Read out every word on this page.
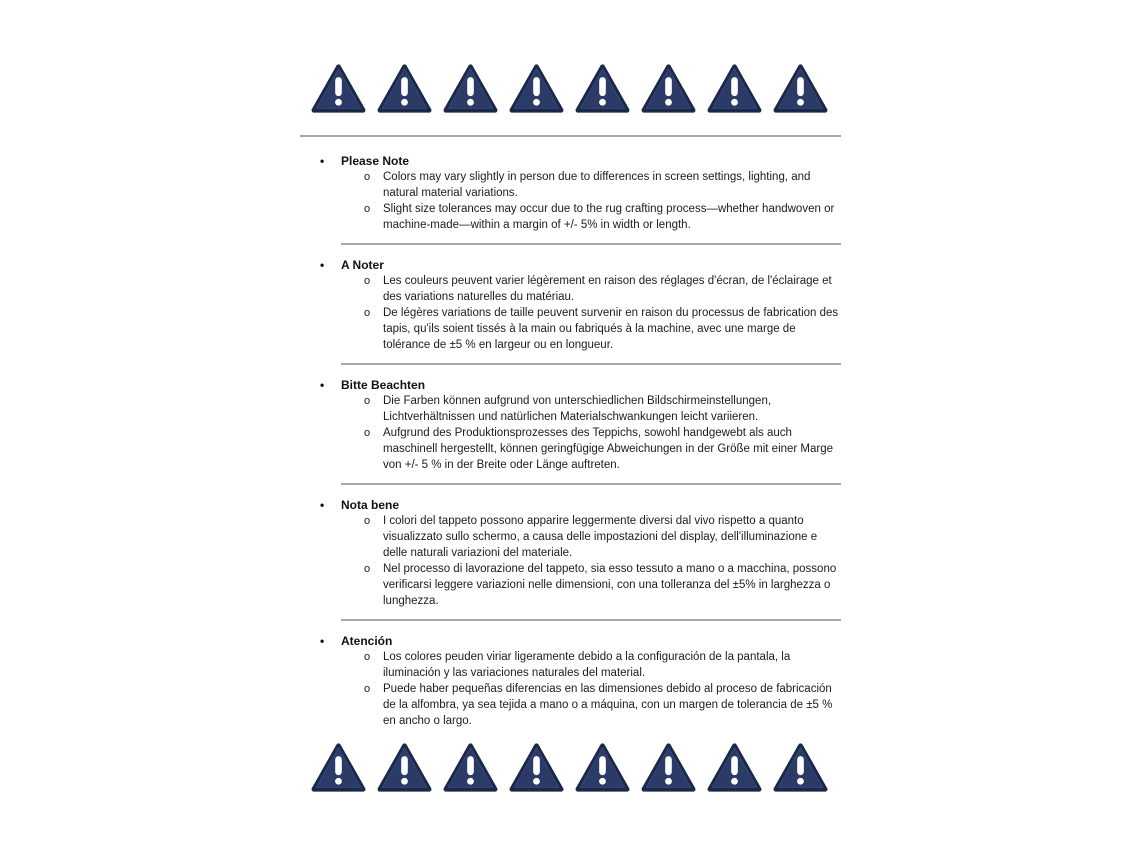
• Please Note
o Colors may vary slightly in person due to differences in screen settings, lighting, and natural material variations.
o Slight size tolerances may occur due to the rug crafting process—whether handwoven or machine-made—within a margin of +/- 5% in width or length.
• A Noter
o Les couleurs peuvent varier légèrement en raison des réglages d'écran, de l'éclairage et des variations naturelles du matériau.
o De légères variations de taille peuvent survenir en raison du processus de fabrication des tapis, qu'ils soient tissés à la main ou fabriqués à la machine, avec une marge de tolérance de ±5 % en largeur ou en longueur.
• Bitte Beachten
o Die Farben können aufgrund von unterschiedlichen Bildschirmeinstellungen, Lichtverhältnissen und natürlichen Materialschwankungen leicht variieren.
o Aufgrund des Produktionsprozesses des Teppichs, sowohl handgewebt als auch maschinell hergestellt, können geringfügige Abweichungen in der Größe mit einer Marge von +/- 5 % in der Breite oder Länge auftreten.
• Nota bene
o I colori del tappeto possono apparire leggermente diversi dal vivo rispetto a quanto visualizzato sullo schermo, a causa delle impostazioni del display, dell'illuminazione e delle naturali variazioni del materiale.
o Nel processo di lavorazione del tappeto, sia esso tessuto a mano o a macchina, possono verificarsi leggere variazioni nelle dimensioni, con una tolleranza del ±5% in larghezza o lunghezza.
• Atención
o Los colores peuden viriar ligeramente debido a la configuración de la pantala, la iluminación y las variaciones naturales del material.
o Puede haber pequeñas diferencias en las dimensiones debido al proceso de fabricación de la alfombra, ya sea tejida a mano o a máquina, con un margen de tolerancia de ±5 % en ancho o largo.
